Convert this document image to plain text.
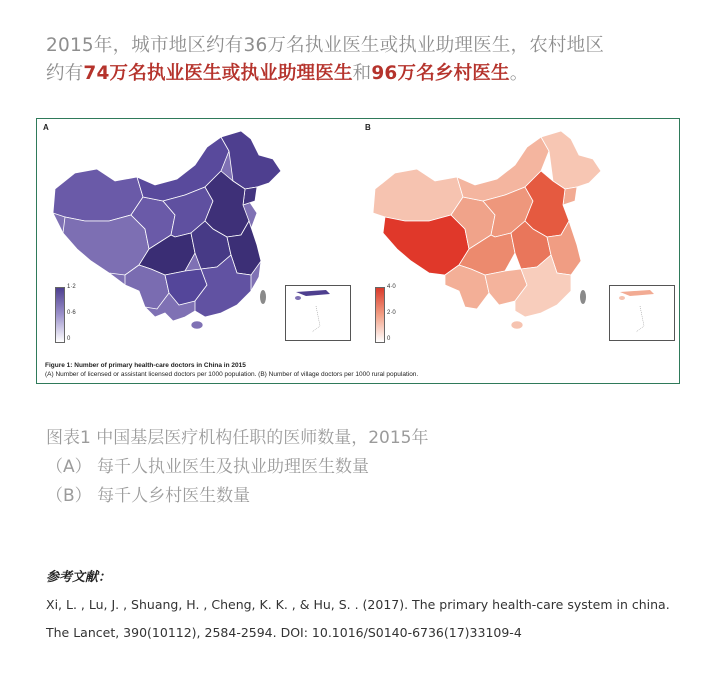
2015年，城市地区约有36万名执业医生或执业助理医生，农村地区
约有74万名执业医生或执业助理医生和96万名乡村医生。
A	B
1·2
0·6
0
4·0
2·0
0
Figure 1: Number of primary health-care doctors in China in 2015
(A) Number of licensed or assistant licensed doctors per 1000 population. (B) Number of village doctors per 1000 rural population.
图表1 中国基层医疗机构任职的医师数量，2015年
（A） 每千人执业医生及执业助理医生数量
（B） 每千人乡村医生数量
参考文献：
Xi, L. , Lu, J. , Shuang, H. , Cheng, K. K. , & Hu, S. . (2017). The primary health-care system in china.
The Lancet, 390(10112), 2584-2594. DOI: 10.1016/S0140-6736(17)33109-4
